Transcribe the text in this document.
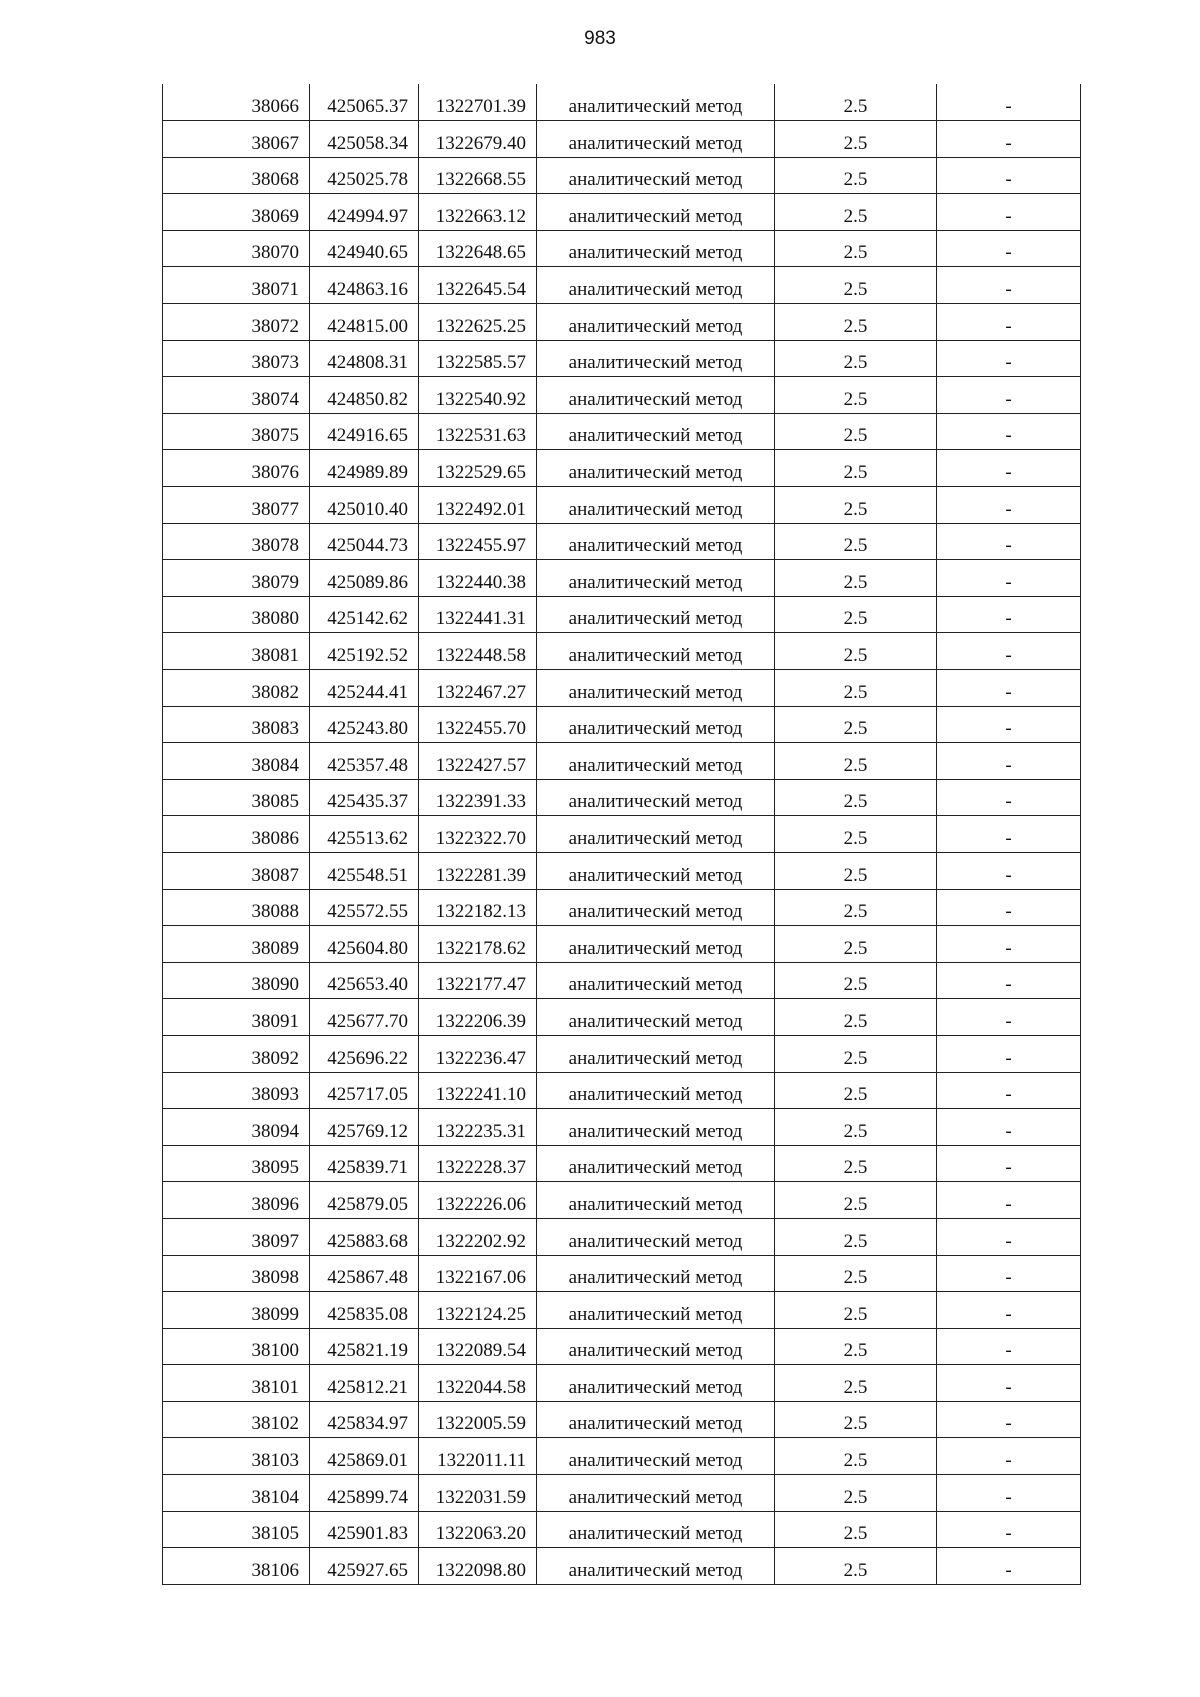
983
38066	425065.37	1322701.39	аналитический метод	2.5	-
38067	425058.34	1322679.40	аналитический метод	2.5	-
38068	425025.78	1322668.55	аналитический метод	2.5	-
38069	424994.97	1322663.12	аналитический метод	2.5	-
38070	424940.65	1322648.65	аналитический метод	2.5	-
38071	424863.16	1322645.54	аналитический метод	2.5	-
38072	424815.00	1322625.25	аналитический метод	2.5	-
38073	424808.31	1322585.57	аналитический метод	2.5	-
38074	424850.82	1322540.92	аналитический метод	2.5	-
38075	424916.65	1322531.63	аналитический метод	2.5	-
38076	424989.89	1322529.65	аналитический метод	2.5	-
38077	425010.40	1322492.01	аналитический метод	2.5	-
38078	425044.73	1322455.97	аналитический метод	2.5	-
38079	425089.86	1322440.38	аналитический метод	2.5	-
38080	425142.62	1322441.31	аналитический метод	2.5	-
38081	425192.52	1322448.58	аналитический метод	2.5	-
38082	425244.41	1322467.27	аналитический метод	2.5	-
38083	425243.80	1322455.70	аналитический метод	2.5	-
38084	425357.48	1322427.57	аналитический метод	2.5	-
38085	425435.37	1322391.33	аналитический метод	2.5	-
38086	425513.62	1322322.70	аналитический метод	2.5	-
38087	425548.51	1322281.39	аналитический метод	2.5	-
38088	425572.55	1322182.13	аналитический метод	2.5	-
38089	425604.80	1322178.62	аналитический метод	2.5	-
38090	425653.40	1322177.47	аналитический метод	2.5	-
38091	425677.70	1322206.39	аналитический метод	2.5	-
38092	425696.22	1322236.47	аналитический метод	2.5	-
38093	425717.05	1322241.10	аналитический метод	2.5	-
38094	425769.12	1322235.31	аналитический метод	2.5	-
38095	425839.71	1322228.37	аналитический метод	2.5	-
38096	425879.05	1322226.06	аналитический метод	2.5	-
38097	425883.68	1322202.92	аналитический метод	2.5	-
38098	425867.48	1322167.06	аналитический метод	2.5	-
38099	425835.08	1322124.25	аналитический метод	2.5	-
38100	425821.19	1322089.54	аналитический метод	2.5	-
38101	425812.21	1322044.58	аналитический метод	2.5	-
38102	425834.97	1322005.59	аналитический метод	2.5	-
38103	425869.01	1322011.11	аналитический метод	2.5	-
38104	425899.74	1322031.59	аналитический метод	2.5	-
38105	425901.83	1322063.20	аналитический метод	2.5	-
38106	425927.65	1322098.80	аналитический метод	2.5	-
